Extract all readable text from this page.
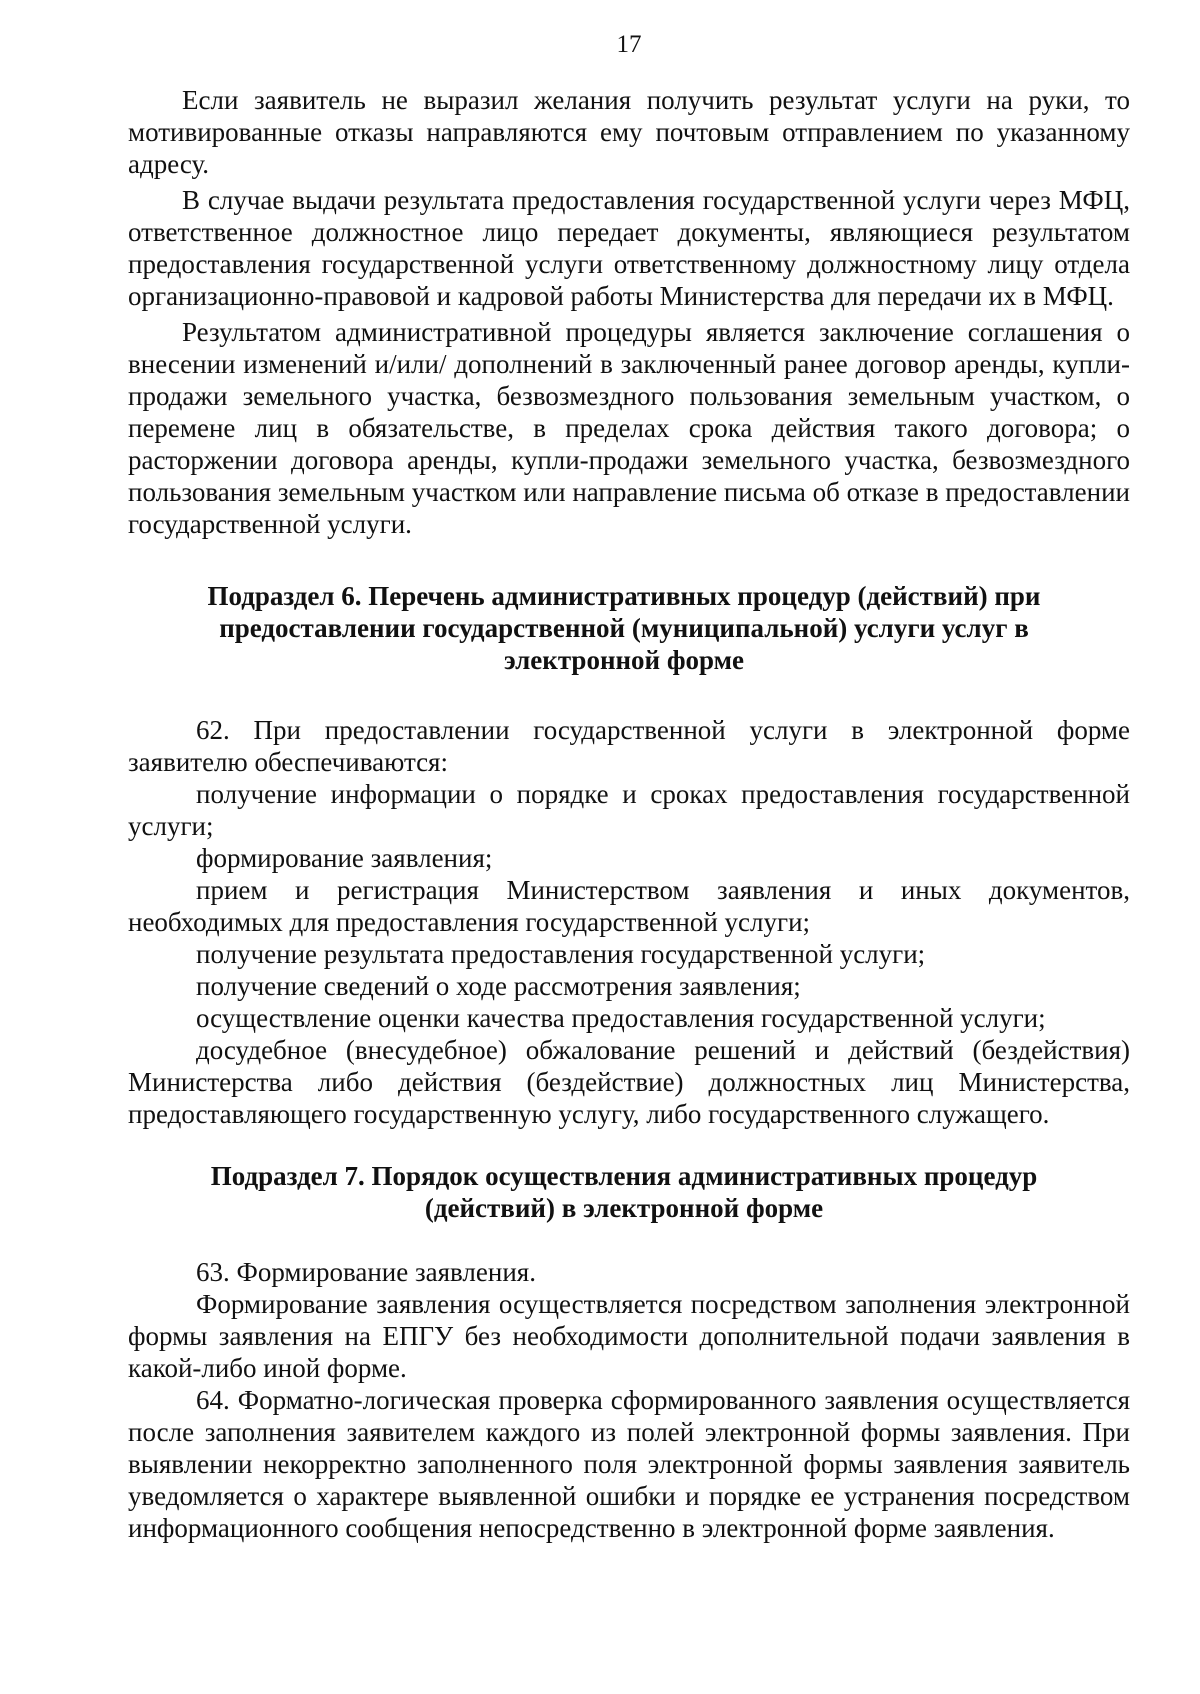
17

Если заявитель не выразил желания получить результат услуги на руки, то мотивированные отказы направляются ему почтовым отправлением по указанному адресу.

В случае выдачи результата предоставления государственной услуги через МФЦ, ответственное должностное лицо передает документы, являющиеся результатом предоставления государственной услуги ответственному должностному лицу отдела организационно-правовой и кадровой работы Министерства для передачи их в МФЦ.

Результатом административной процедуры является заключение соглашения о внесении изменений и/или/ дополнений в заключенный ранее договор аренды, купли-продажи земельного участка, безвозмездного пользования земельным участком, о перемене лиц в обязательстве, в пределах срока действия такого договора; о расторжении договора аренды, купли-продажи земельного участка, безвозмездного пользования земельным участком или направление письма об отказе в предоставлении государственной услуги.

Подраздел 6. Перечень административных процедур (действий) при предоставлении государственной (муниципальной) услуги услуг в электронной форме

62. При предоставлении государственной услуги в электронной форме заявителю обеспечиваются:

получение информации о порядке и сроках предоставления государственной услуги;

формирование заявления;

прием и регистрация Министерством заявления и иных документов, необходимых для предоставления государственной услуги;

получение результата предоставления государственной услуги;

получение сведений о ходе рассмотрения заявления;

осуществление оценки качества предоставления государственной услуги;

досудебное (внесудебное) обжалование решений и действий (бездействия) Министерства либо действия (бездействие) должностных лиц Министерства, предоставляющего государственную услугу, либо государственного служащего.

Подраздел 7. Порядок осуществления административных процедур (действий) в электронной форме

63. Формирование заявления.

Формирование заявления осуществляется посредством заполнения электронной формы заявления на ЕПГУ без необходимости дополнительной подачи заявления в какой-либо иной форме.

64. Форматно-логическая проверка сформированного заявления осуществляется после заполнения заявителем каждого из полей электронной формы заявления. При выявлении некорректно заполненного поля электронной формы заявления заявитель уведомляется о характере выявленной ошибки и порядке ее устранения посредством информационного сообщения непосредственно в электронной форме заявления.
